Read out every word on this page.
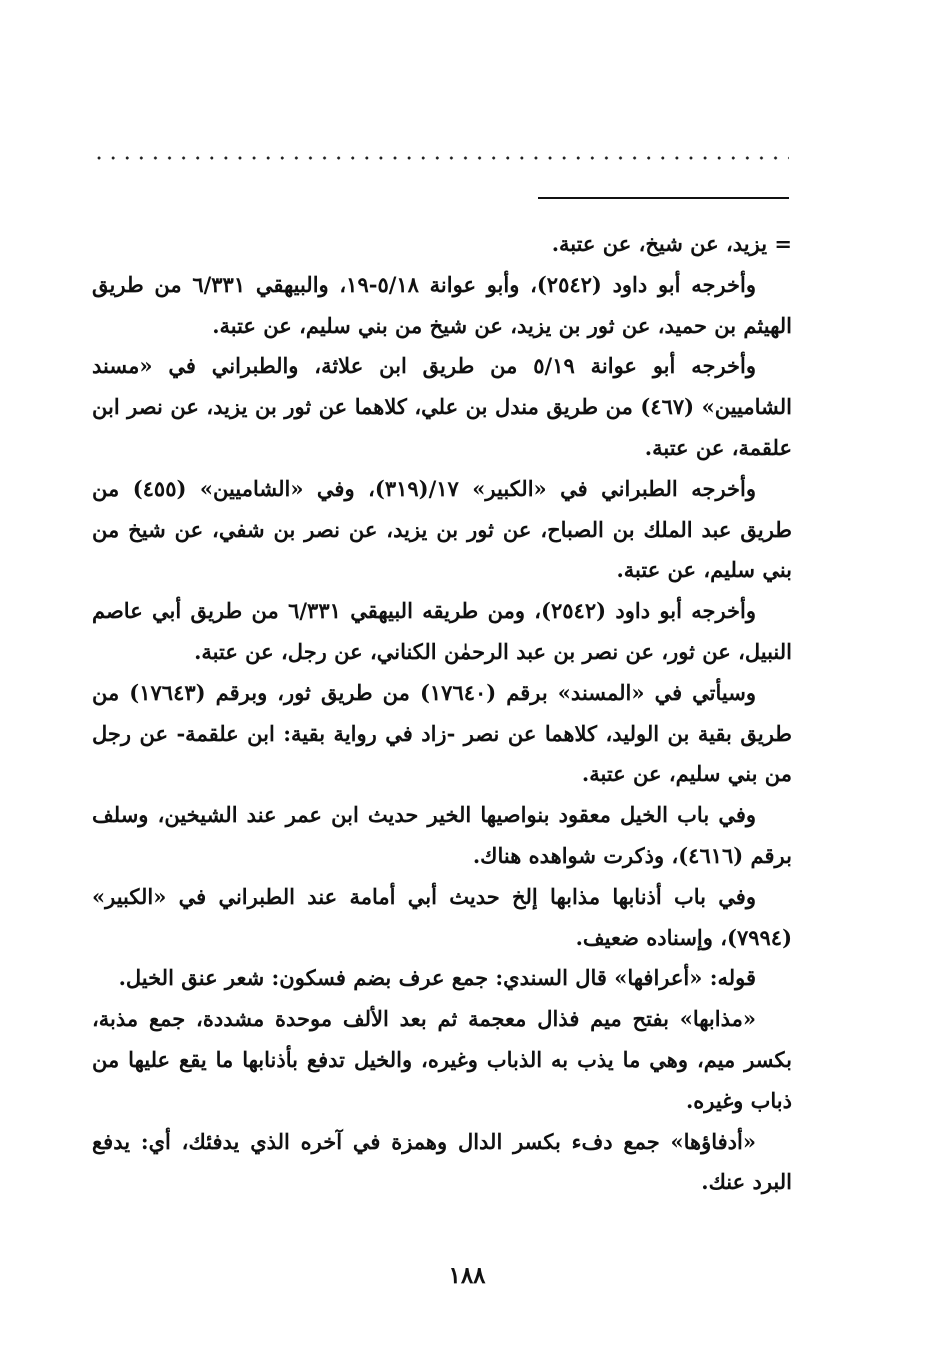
= يزيد، عن شيخ، عن عتبة.

وأخرجه أبو داود (٢٥٤٢)، وأبو عوانة ٥/١٨-١٩، والبيهقي ٦/٣٣١ من طريق الهيثم بن حميد، عن ثور بن يزيد، عن شيخ من بني سليم، عن عتبة.

وأخرجه أبو عوانة ٥/١٩ من طريق ابن علاثة، والطبراني في «مسند الشاميين» (٤٦٧) من طريق مندل بن علي، كلاهما عن ثور بن يزيد، عن نصر ابن علقمة، عن عتبة.

وأخرجه الطبراني في «الكبير» ١٧/(٣١٩)، وفي «الشاميين» (٤٥٥) من طريق عبد الملك بن الصباح، عن ثور بن يزيد، عن نصر بن شفي، عن شيخ من بني سليم، عن عتبة.

وأخرجه أبو داود (٢٥٤٢)، ومن طريقه البيهقي ٦/٣٣١ من طريق أبي عاصم النبيل، عن ثور، عن نصر بن عبد الرحمٰن الكناني، عن رجل، عن عتبة.

وسيأتي في «المسند» برقم (١٧٦٤٠) من طريق ثور، وبرقم (١٧٦٤٣) من طريق بقية بن الوليد، كلاهما عن نصر -زاد في رواية بقية: ابن علقمة- عن رجل من بني سليم، عن عتبة.

وفي باب الخيل معقود بنواصيها الخير حديث ابن عمر عند الشيخين، وسلف برقم (٤٦١٦)، وذكرت شواهده هناك.

وفي باب أذنابها مذابها إلخ حديث أبي أمامة عند الطبراني في «الكبير» (٧٩٩٤)، وإسناده ضعيف.

قوله: «أعرافها» قال السندي: جمع عرف بضم فسكون: شعر عنق الخيل.

«مذابها» بفتح ميم فذال معجمة ثم بعد الألف موحدة مشددة، جمع مذبة، بكسر ميم، وهي ما يذب به الذباب وغيره، والخيل تدفع بأذنابها ما يقع عليها من ذباب وغيره.

«أدفاؤها» جمع دفء بكسر الدال وهمزة في آخره الذي يدفئك، أي: يدفع البرد عنك.

١٨٨
